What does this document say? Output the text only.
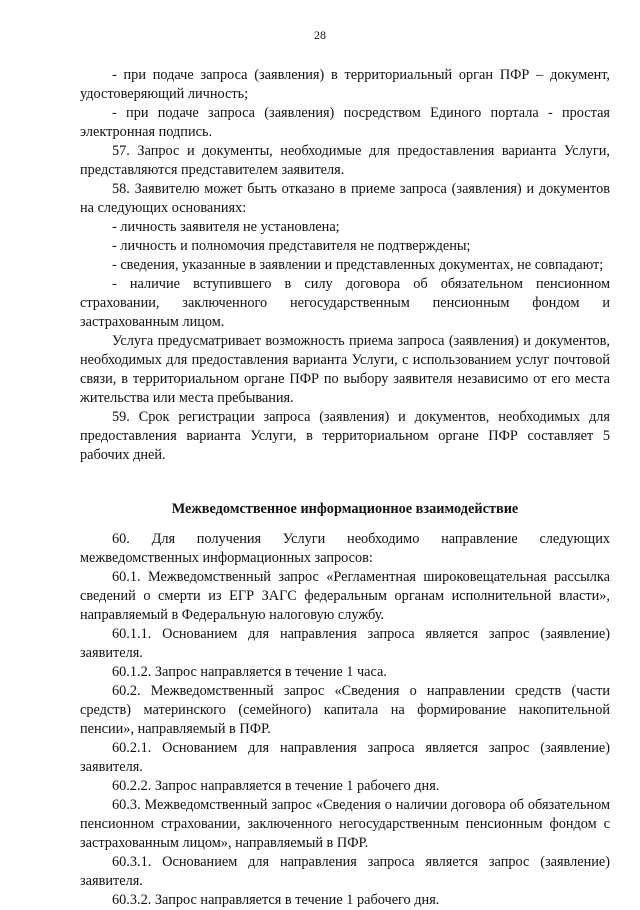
28

- при подаче запроса (заявления) в территориальный орган ПФР – документ, удостоверяющий личность;

- при подаче запроса (заявления) посредством Единого портала - простая электронная подпись.

57. Запрос и документы, необходимые для предоставления варианта Услуги, представляются представителем заявителя.

58. Заявителю может быть отказано в приеме запроса (заявления) и документов на следующих основаниях:

- личность заявителя не установлена;

- личность и полномочия представителя не подтверждены;

- сведения, указанные в заявлении и представленных документах, не совпадают;

- наличие вступившего в силу договора об обязательном пенсионном страховании, заключенного негосударственным пенсионным фондом и застрахованным лицом.

Услуга предусматривает возможность приема запроса (заявления) и документов, необходимых для предоставления варианта Услуги, с использованием услуг почтовой связи, в территориальном органе ПФР по выбору заявителя независимо от его места жительства или места пребывания.

59. Срок регистрации запроса (заявления) и документов, необходимых для предоставления варианта Услуги, в территориальном органе ПФР составляет 5 рабочих дней.

Межведомственное информационное взаимодействие

60. Для получения Услуги необходимо направление следующих межведомственных информационных запросов:

60.1. Межведомственный запрос «Регламентная широковещательная рассылка сведений о смерти из ЕГР ЗАГС федеральным органам исполнительной власти», направляемый в Федеральную налоговую службу.

60.1.1. Основанием для направления запроса является запрос (заявление) заявителя.

60.1.2. Запрос направляется в течение 1 часа.

60.2. Межведомственный запрос «Сведения о направлении средств (части средств) материнского (семейного) капитала на формирование накопительной пенсии», направляемый в ПФР.

60.2.1. Основанием для направления запроса является запрос (заявление) заявителя.

60.2.2. Запрос направляется в течение 1 рабочего дня.

60.3. Межведомственный запрос «Сведения о наличии договора об обязательном пенсионном страховании, заключенного негосударственным пенсионным фондом с застрахованным лицом», направляемый в ПФР.

60.3.1. Основанием для направления запроса является запрос (заявление) заявителя.

60.3.2. Запрос направляется в течение 1 рабочего дня.
